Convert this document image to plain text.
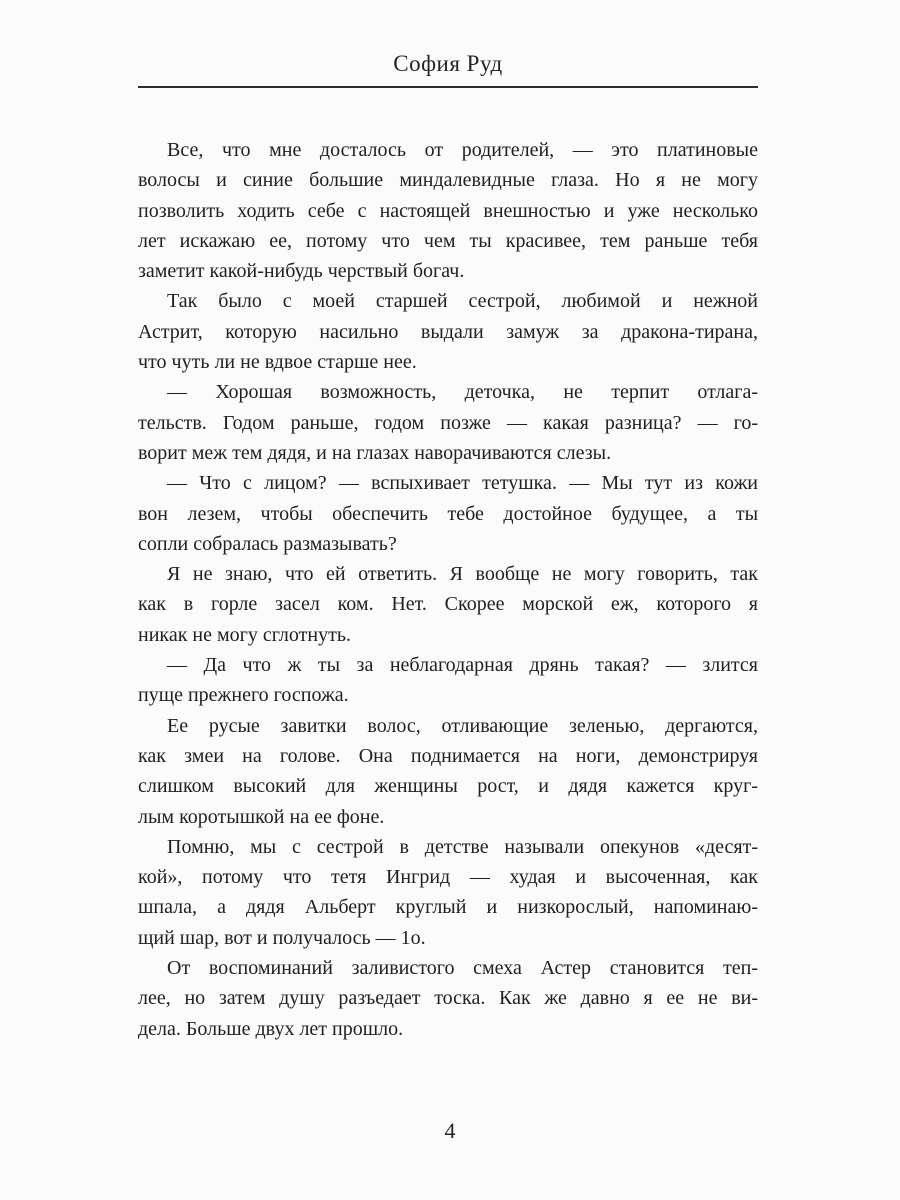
София Руд
Все, что мне досталось от родителей, — это платиновые
волосы и синие большие миндалевидные глаза. Но я не могу
позволить ходить себе с настоящей внешностью и уже несколько
лет искажаю ее, потому что чем ты красивее, тем раньше тебя
заметит какой-нибудь черствый богач.
Так было с моей старшей сестрой, любимой и нежной
Астрит, которую насильно выдали замуж за дракона-тирана,
что чуть ли не вдвое старше нее.
— Хорошая возможность, деточка, не терпит отлага-
тельств. Годом раньше, годом позже — какая разница? — го-
ворит меж тем дядя, и на глазах наворачиваются слезы.
— Что с лицом? — вспыхивает тетушка. — Мы тут из кожи
вон лезем, чтобы обеспечить тебе достойное будущее, а ты
сопли собралась размазывать?
Я не знаю, что ей ответить. Я вообще не могу говорить, так
как в горле засел ком. Нет. Скорее морской еж, которого я
никак не могу сглотнуть.
— Да что ж ты за неблагодарная дрянь такая? — злится
пуще прежнего госпожа.
Ее русые завитки волос, отливающие зеленью, дергаются,
как змеи на голове. Она поднимается на ноги, демонстрируя
слишком высокий для женщины рост, и дядя кажется круг-
лым коротышкой на ее фоне.
Помню, мы с сестрой в детстве называли опекунов «десят-
кой», потому что тетя Ингрид — худая и высоченная, как
шпала, а дядя Альберт круглый и низкорослый, напоминаю-
щий шар, вот и получалось — 1о.
От воспоминаний заливистого смеха Астер становится теп-
лее, но затем душу разъедает тоска. Как же давно я ее не ви-
дела. Больше двух лет прошло.
4
